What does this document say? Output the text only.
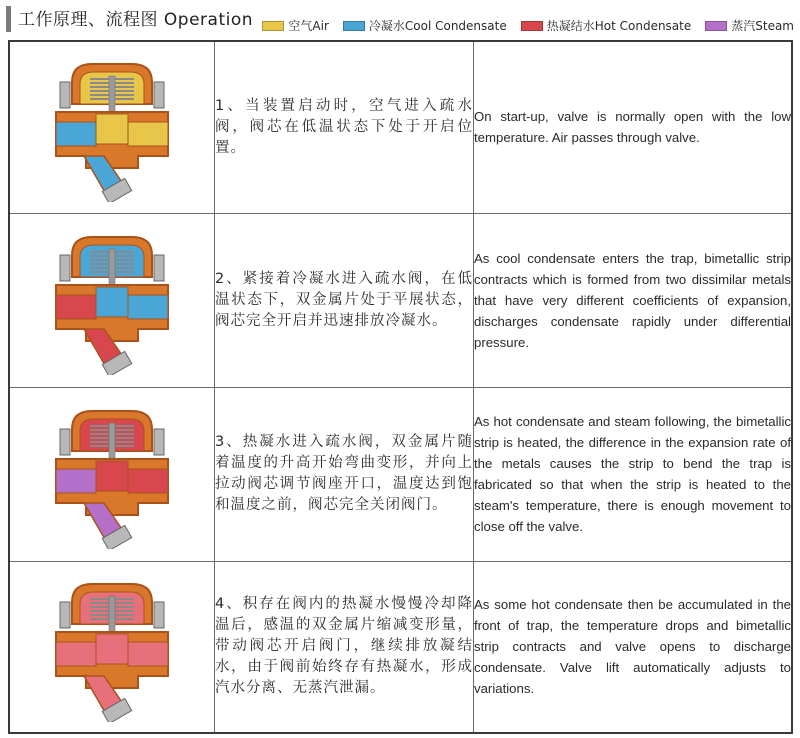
工作原理、流程图 Operation	空气Air	冷凝水Cool Condensate	热凝结水Hot Condensate	蒸汽Steam

1、当装置启动时，空气进入疏水阀，阀芯在低温状态下处于开启位置。	On start-up, valve is normally open with the low temperature. Air passes through valve.

2、紧接着冷凝水进入疏水阀，在低温状态下，双金属片处于平展状态，阀芯完全开启并迅速排放冷凝水。	As cool condensate enters the trap, bimetallic strip contracts which is formed from two dissimilar metals that have very different coefficients of expansion, discharges condensate rapidly under differential pressure.

3、热凝水进入疏水阀，双金属片随着温度的升高开始弯曲变形，并向上拉动阀芯调节阀座开口，温度达到饱和温度之前，阀芯完全关闭阀门。	As hot condensate and steam following, the bimetallic strip is heated, the difference in the expansion rate of the metals causes the strip to bend the trap is fabricated so that when the strip is heated to the steam's temperature, there is enough movement to close off the valve.

4、积存在阀内的热凝水慢慢冷却降温后，感温的双金属片缩减变形量，带动阀芯开启阀门，继续排放凝结水，由于阀前始终存有热凝水，形成汽水分离、无蒸汽泄漏。	As some hot condensate then be accumulated in the front of trap, the temperature drops and bimetallic strip contracts and valve opens to discharge condensate. Valve lift automatically adjusts to variations.
